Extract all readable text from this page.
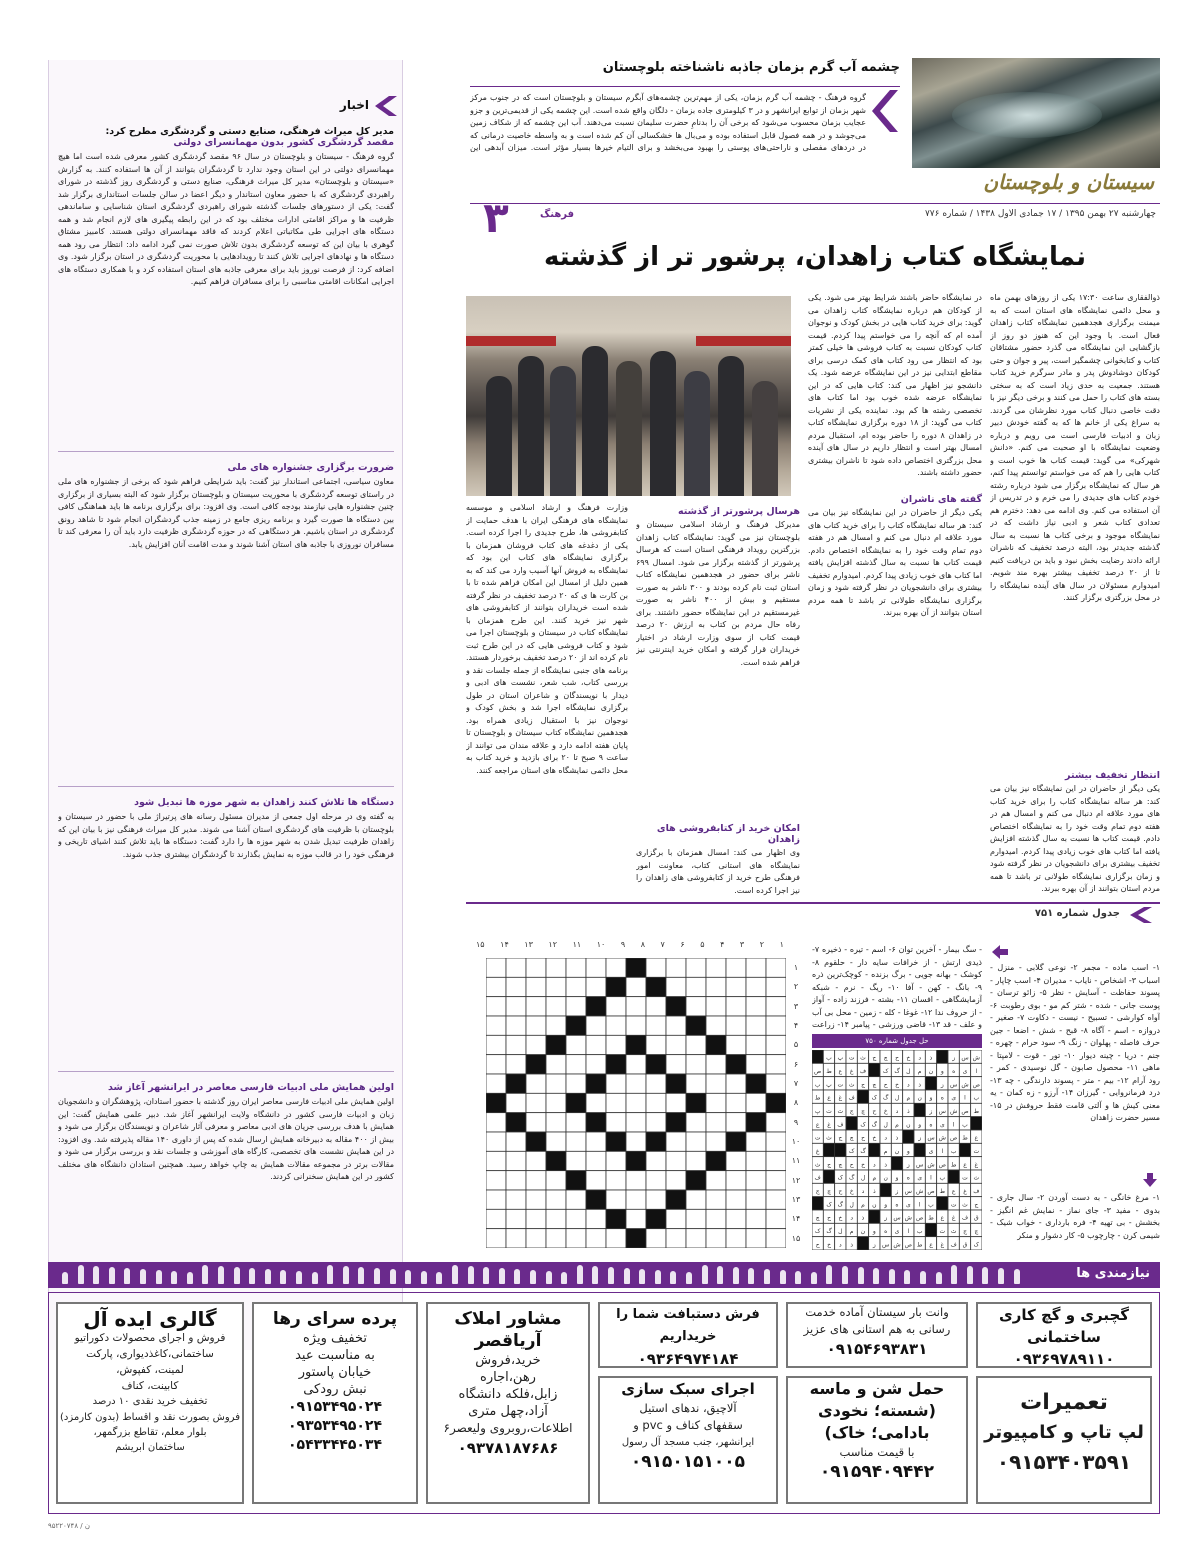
چشمه آب گرم بزمان جاذبه ناشناخته بلوچستان
گروه فرهنگ - چشمه آب گرم بزمان، یکی از مهم‌ترین چشمه‌های آبگرم سیستان و بلوچستان است که در جنوب مرکز شهر بزمان از توابع ایرانشهر و در ۳ کیلومتری جاده بزمان - دلگان واقع شده است. این چشمه یکی از قدیمی‌ترین و جزو عجایب بزمان محسوب می‌شود که برخی آن را بدنامِ حضرت سلیمان نسبت می‌دهند. آب این چشمه که از شکاف زمین می‌جوشد و در همه فصول قابل استفاده بوده و می‌بال ها خشکسالی آن کم شده است و به واسطه خاصیت درمانی که در دردهای مفصلی و ناراحتی‌های پوستی را بهبود می‌بخشد و برای التیام خیرها بسیار مؤثر است. میزان آبدهی این
سیستان و بلوچستان
چهارشنبه ۲۷ بهمن ۱۳۹۵ / ۱۷ جمادی الاول ۱۴۳۸ / شماره ۷۷۶
فرهنگ
۳
نمایشگاه کتاب زاهدان، پرشور تر از گذشته
ذوالفقاری ساعت ۱۷:۳۰ یکی از روزهای بهمن ماه و محل دائمی نمایشگاه های استان است که به میمنت برگزاری هجدهمین نمایشگاه کتاب زاهدان فعال است. با وجود این که هنوز دو روز از بازگشایی این نمایشگاه می گذرد حضور مشتاقان کتاب و کتابخوانی چشمگیر است، پیر و جوان و حتی کودکان دوشادوش پدر و مادر سرگرم خرید کتاب هستند. جمعیت به حدی زیاد است که به سختی بسته های کتاب را حمل می کنند و برخی دیگر نیز با دقت خاصی دنبال کتاب مورد نظرشان می گردند. به سراغ یکی از خانم ها که به گفته خودش دبیر زبان و ادبیات فارسی است می رویم و درباره وضعیت نمایشگاه با او صحبت می کنم. «دانش شهرکی» می گوید: قیمت کتاب ها خوب است و کتاب هایی را هم که می خواستم توانستم پیدا کنم، هر سال که نمایشگاه برگزار می شود درباره رشته خودم کتاب های جدیدی را می خرم و در تدریس از آن استفاده می کنم. وی ادامه می دهد: دخترم هم تعدادی کتاب شعر و ادبی نیاز داشت که در نمایشگاه موجود و برخی کتاب ها نسبت به سال گذشته جدیدتر بود، البته درصد تخفیف که ناشران ارائه دادند رضایت بخش نبود و باید بن دریافت کنیم تا از ۲۰ درصد تخفیف بیشتر بهره مند شویم. امیدوارم مسئولان در سال های آینده نمایشگاه را در محل بزرگتری برگزار کنند.
انتظار تخفیف بیشتر
یکی دیگر از حاضران در این نمایشگاه نیز بیان می کند: هر ساله نمایشگاه کتاب را برای خرید کتاب های مورد علاقه ام دنبال می کنم و امسال هم در هفته دوم تمام وقت خود را به نمایشگاه اختصاص دادم. قیمت کتاب ها نسبت به سال گذشته افزایش یافته اما کتاب های خوب زیادی پیدا کردم. امیدوارم تخفیف بیشتری برای دانشجویان در نظر گرفته شود و زمان برگزاری نمایشگاه طولانی تر باشد تا همه مردم استان بتوانند از آن بهره ببرند.
در نمایشگاه حاضر باشند شرایط بهتر می شود. یکی از کودکان هم درباره نمایشگاه کتاب زاهدان می گوید: برای خرید کتاب هایی در بخش کودک و نوجوان آمده ام که آنچه را می خواستم پیدا کردم. قیمت کتاب کودکان نسبت به کتاب فروشی ها خیلی کمتر بود که انتظار می رود کتاب های کمک درسی برای مقاطع ابتدایی نیز در این نمایشگاه عرضه شود. یک دانشجو نیز اظهار می کند: کتاب هایی که در این نمایشگاه عرضه شده خوب بود اما کتاب های تخصصی رشته ها کم بود. نماینده یکی از نشریات کتاب می گوید: از ۱۸ دوره برگزاری نمایشگاه کتاب در زاهدان ۸ دوره را حاضر بوده ام، استقبال مردم امسال بهتر است و انتظار داریم در سال های آینده محل بزرگتری اختصاص داده شود تا ناشران بیشتری حضور داشته باشند.
گفته های ناشران
یکی دیگر از حاضران در این نمایشگاه نیز بیان می کند: هر ساله نمایشگاه کتاب را برای خرید کتاب های مورد علاقه ام دنبال می کنم و امسال هم در هفته دوم تمام وقت خود را به نمایشگاه اختصاص دادم. قیمت کتاب ها نسبت به سال گذشته افزایش یافته اما کتاب های خوب زیادی پیدا کردم. امیدوارم تخفیف بیشتری برای دانشجویان در نظر گرفته شود و زمان برگزاری نمایشگاه طولانی تر باشد تا همه مردم استان بتوانند از آن بهره ببرند.
هرسال پرشورتر از گذشته
مدیرکل فرهنگ و ارشاد اسلامی سیستان و بلوچستان نیز می گوید: نمایشگاه کتاب زاهدان بزرگترین رویداد فرهنگی استان است که هرسال پرشورتر از گذشته برگزار می شود. امسال ۶۹۹ ناشر برای حضور در هجدهمین نمایشگاه کتاب استان ثبت نام کرده بودند و ۳۰۰ ناشر به صورت مستقیم و بیش از ۴۰۰ ناشر به صورت غیرمستقیم در این نمایشگاه حضور داشتند. برای رفاه حال مردم بن کتاب به ارزش ۲۰ درصد قیمت کتاب از سوی وزارت ارشاد در اختیار خریداران قرار گرفته و امکان خرید اینترنتی نیز فراهم شده است.
امکان خرید از کتابفروشی های زاهدان
وی اظهار می کند: امسال همزمان با برگزاری نمایشگاه های استانی کتاب، معاونت امور فرهنگی طرح خرید از کتابفروشی های زاهدان را نیز اجرا کرده است.
وزارت فرهنگ و ارشاد اسلامی و موسسه نمایشگاه های فرهنگی ایران با هدف حمایت از کتابفروشی ها، طرح جدیدی را اجرا کرده است. یکی از دغدغه های کتاب فروشان همزمان با برگزاری نمایشگاه های کتاب این بود که نمایشگاه به فروش آنها آسیب وارد می کند که به همین دلیل از امسال این امکان فراهم شده تا با بن کارت ها ی که ۲۰ درصد تخفیف در نظر گرفته شده است خریداران بتوانند از کتابفروشی های شهر نیز خرید کنند. این طرح همزمان با نمایشگاه کتاب در سیستان و بلوچستان اجرا می شود و کتاب فروشی هایی که در این طرح ثبت نام کرده اند از ۲۰ درصد تخفیف برخوردار هستند. برنامه های جنبی نمایشگاه از جمله جلسات نقد و بررسی کتاب، شب شعر، نشست های ادبی و دیدار با نویسندگان و شاعران استان در طول برگزاری نمایشگاه اجرا شد و بخش کودک و نوجوان نیز با استقبال زیادی همراه بود. هجدهمین نمایشگاه کتاب سیستان و بلوچستان تا پایان هفته ادامه دارد و علاقه مندان می توانند از ساعت ۹ صبح تا ۲۰ برای بازدید و خرید کتاب به محل دائمی نمایشگاه های استان مراجعه کنند.
اخبار
مدیر کل میراث فرهنگی، صنایع دستی و گردشگری مطرح کرد:
مقصد گردشگری کشور بدون مهمانسرای دولتی
گروه فرهنگ - سیستان و بلوچستان در سال ۹۶ مقصد گردشگری کشور معرفی شده است اما هیچ مهمانسرای دولتی در این استان وجود ندارد تا گردشگران بتوانند از آن ها استفاده کنند. به گزارش «سیستان و بلوچستان» مدیر کل میراث فرهنگی، صنایع دستی و گردشگری روز گذشته در شورای راهبردی گردشگری که با حضور معاون استاندار و دیگر اعضا در سالن جلسات استانداری برگزار شد گفت: یکی از دستورهای جلسات گذشته شورای راهبردی گردشگری استان شناسایی و ساماندهی ظرفیت ها و مراکز اقامتی ادارات مختلف بود که در این رابطه پیگیری های لازم انجام شد و همه دستگاه های اجرایی طی مکاتباتی اعلام کردند که فاقد مهمانسرای دولتی هستند. کامبیز مشتاق گوهری با بیان این که توسعه گردشگری بدون تلاش صورت نمی گیرد ادامه داد: انتظار می رود همه دستگاه ها و نهادهای اجرایی تلاش کنند تا رویدادهایی با محوریت گردشگری در استان برگزار شود. وی اضافه کرد: از فرصت نوروز باید برای معرفی جاذبه های استان استفاده کرد و با همکاری دستگاه های اجرایی امکانات اقامتی مناسبی را برای مسافران فراهم کنیم.
ضرورت برگزاری جشنواره های ملی
معاون سیاسی، اجتماعی استاندار نیز گفت: باید شرایطی فراهم شود که برخی از جشنواره های ملی در راستای توسعه گردشگری با محوریت سیستان و بلوچستان برگزار شود که البته بسیاری از برگزاری چنین جشنواره هایی نیازمند بودجه کافی است. وی افزود: برای برگزاری برنامه ها باید هماهنگی کافی بین دستگاه ها صورت گیرد و برنامه ریزی جامع در زمینه جذب گردشگران انجام شود تا شاهد رونق گردشگری در استان باشیم. هر دستگاهی که در حوزه گردشگری ظرفیت دارد باید آن را معرفی کند تا مسافران نوروزی با جاذبه های استان آشنا شوند و مدت اقامت آنان افزایش یابد.
دستگاه ها تلاش کنند زاهدان به شهر موزه ها تبدیل شود
به گفته وی در مرحله اول جمعی از مدیران مسئول رسانه های پرتیراژ ملی با حضور در سیستان و بلوچستان با ظرفیت های گردشگری استان آشنا می شوند. مدیر کل میراث فرهنگی نیز با بیان این که زاهدان ظرفیت تبدیل شدن به شهر موزه ها را دارد گفت: دستگاه ها باید تلاش کنند اشیای تاریخی و فرهنگی خود را در قالب موزه به نمایش بگذارند تا گردشگران بیشتری جذب شوند.
اولین همایش ملی ادبیات فارسی معاصر در ایرانشهر آغاز شد
اولین همایش ملی ادبیات فارسی معاصر ایران روز گذشته با حضور استادان، پژوهشگران و دانشجویان زبان و ادبیات فارسی کشور در دانشگاه ولایت ایرانشهر آغاز شد. دبیر علمی همایش گفت: این همایش با هدف بررسی جریان های ادبی معاصر و معرفی آثار شاعران و نویسندگان برگزار می شود و بیش از ۴۰۰ مقاله به دبیرخانه همایش ارسال شده که پس از داوری ۱۴۰ مقاله پذیرفته شد. وی افزود: در این همایش نشست های تخصصی، کارگاه های آموزشی و جلسات نقد و بررسی برگزار می شود و مقالات برتر در مجموعه مقالات همایش به چاپ خواهد رسید. همچنین استادان دانشگاه های مختلف کشور در این همایش سخنرانی کردند.
جدول شماره ۷۵۱
۱۵ ۱۴ ۱۳ ۱۲ ۱۱ ۱۰ ۹ ۸ ۷ ۶ ۵ ۴ ۳ ۲ ۱
۱
۲
۳
۴
۵
۶
۷
۸
۹
۱۰
۱۱
۱۲
۱۳
۱۴
۱۵
۱- اسب ماده - مجمر ۲- نوعی گلابی - منزل - اسباب ۳- اشخاص - نایاب - مدیران ۴- اسب چاپار - پسوند حفاظت - آسایش - نظر ۵- زائو ترسان - پوست جانی - شده - شتر کم مو - بوی رطوبت ۶- آواه کوارشی - تسبیح - نیست - دکاوت ۷- صغیر - دروازه - اسم - آگاه ۸- قبح - شش - اضعا - جین حرف فاصله - پهلوان - زنگ ۹- سود حرام - چهره - جنم - دریا - چینه دیوار ۱۰- تور - قوت - لامپتا - ماهی ۱۱- محصول صابون - گل نوسیدی - کمر - رود آرام ۱۲- بیم - متر - پسوند دارندگی - چه ۱۳- درد فرمانروایی - گیرزان ۱۴- آرزو - زه کمان - یه معنی کیش ها و آلتی قامت فقط حروفش در ۱۵- مسیر حضرت زاهدان
۱- مرغ خانگی - به دست آوردن ۲- سال جاری - بدوی - مفید ۳- جای نماز - نمایش غم انگیز - بخشش - بی تهیه ۴- فره بارداری - خواب شیک - شیمی کرن - چارچوب ۵- کار دشوار و منکر
- سگ بیمار - آخرین توان ۶- اسم - تیره - ذخیره ۷- ذیدی ارتش - از خرافات سایه دار - حلقوم ۸- کوشک - بهانه جویی - برگ بزنده - کوچک‌ترین ذره ۹- بانگ - کهن - آفا ۱۰- ریگ - نرم - شبکه آزمایشگاهی - افسان ۱۱- بشته - فرزند زاده - آواز - از حروف ندا ۱۲- غوغا - کله - زمین - محل بی آب و علف - قد ۱۳- قاضی ورزشی - پیامبر ۱۴- زراعت
حل جدول شماره ۷۵۰
ب پ ت ث ج چ ح خ د ذ	ز س ش
ص ط ع غ ف	ک گ ل م ن و ه ی ا
ب پ ت ث ج چ ح خ د ذ	ز س ش ص
ط ع غ ف	ک گ ل م ن و ه ی ا ب
پ ت ث ج چ ح خ د ذ	ز س ش ص ط
ع غ ف	ک گ ل م ن و ه ی ا ب
ت ث ج چ ح خ د ذ	ز س ش ص ط ع
غ	ک گ	م ن و	ی ا ب	ت
ث ج چ ح خ د ذ	ز س ش ص ط ع غ
ف	ک گ ل م ن و ه ی ا ب	ت ث
ج چ ح خ د ذ	ز س ش ص ط ع غ ف
ک گ ل م ن و ه ی ا ب	ت ث ج
چ ح خ د ذ	ز س ش ص ط ع غ ف ق
ک گ ل م ن و ه ی ا ب	ت ث ج چ
ح خ د ذ	ز س ش ص ط ع غ ف ق ک
نیازمندی ها
گچبری و گچ کاری ساختمانی
۰۹۳۶۹۷۸۹۱۱۰
وانت بار سیستان آماده خدمت رسانی به هم استانی های عزیز
۰۹۱۵۴۶۹۳۸۳۱
فرش دستبافت شما را خریداریم
۰۹۳۶۴۹۷۴۱۸۴
تعمیرات
لپ تاپ و کامپیوتر
۰۹۱۵۳۴۰۳۵۹۱
حمل شن و ماسه
(شسته؛ نخودی
بادامی؛ خاک)
با قیمت مناسب
۰۹۱۵۹۴۰۹۴۴۲
اجرای سبک سازی
آلاچیق، ندهای استیل
سقفهای کناف و pvc و
ایرانشهر، جنب مسجد آل رسول
۰۹۱۵۰۱۵۱۰۰۵
مشاور املاک آریاقصر
خرید،فروش
رهن،اجاره
زابل،فلکه دانشگاه
آزاد،چهل متری
اطلاعات،روبروی ولیعصر۶
۰۹۳۷۸۱۸۷۶۸۶
پرده سرای رها
تخفیف ویژه
به مناسبت عید
خیابان پاستور
نبش رودکی
۰۹۱۵۳۴۹۵۰۲۴
۰۹۳۵۳۴۹۵۰۲۴
۰۵۴۳۳۴۴۵۰۳۴
گالری ایده آل
فروش و اجرای محصولات دکوراتیو
ساختمانی،کاغذدیواری، پارکت
لمینت، کفپوش،
کابینت، کناف
تخفیف خرید نقدی ۱۰ درصد
فروش بصورت نقد و اقساط (بدون کارمزد)
بلوار معلم، تقاطع بزرگمهر،
ساختمان ابریشم
۹۵۲۲۰۷۴۸ / ن
